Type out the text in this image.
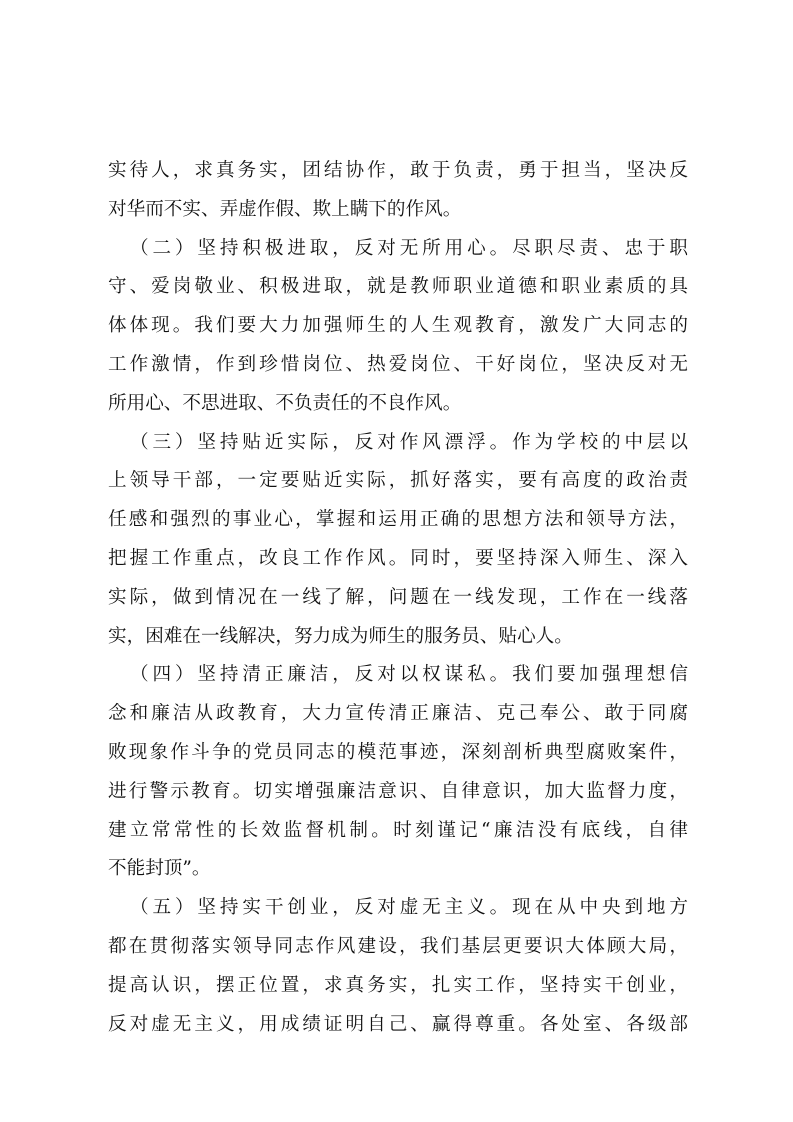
实待人，求真务实，团结协作，敢于负责，勇于担当，坚决反
对华而不实、弄虚作假、欺上瞒下的作风。
（二）坚持积极进取，反对无所用心。尽职尽责、忠于职
守、爱岗敬业、积极进取，就是教师职业道德和职业素质的具
体体现。我们要大力加强师生的人生观教育，激发广大同志的
工作激情，作到珍惜岗位、热爱岗位、干好岗位，坚决反对无
所用心、不思进取、不负责任的不良作风。
（三）坚持贴近实际，反对作风漂浮。作为学校的中层以
上领导干部，一定要贴近实际，抓好落实，要有高度的政治责
任感和强烈的事业心，掌握和运用正确的思想方法和领导方法，
把握工作重点，改良工作作风。同时，要坚持深入师生、深入
实际，做到情况在一线了解，问题在一线发现，工作在一线落
实，困难在一线解决，努力成为师生的服务员、贴心人。
（四）坚持清正廉洁，反对以权谋私。我们要加强理想信
念和廉洁从政教育，大力宣传清正廉洁、克己奉公、敢于同腐
败现象作斗争的党员同志的模范事迹，深刻剖析典型腐败案件，
进行警示教育。切实增强廉洁意识、自律意识，加大监督力度，
建立常常性的长效监督机制。时刻谨记“廉洁没有底线，自律
不能封顶”。
（五）坚持实干创业，反对虚无主义。现在从中央到地方
都在贯彻落实领导同志作风建设，我们基层更要识大体顾大局，
提高认识，摆正位置，求真务实，扎实工作，坚持实干创业，
反对虚无主义，用成绩证明自己、赢得尊重。各处室、各级部
